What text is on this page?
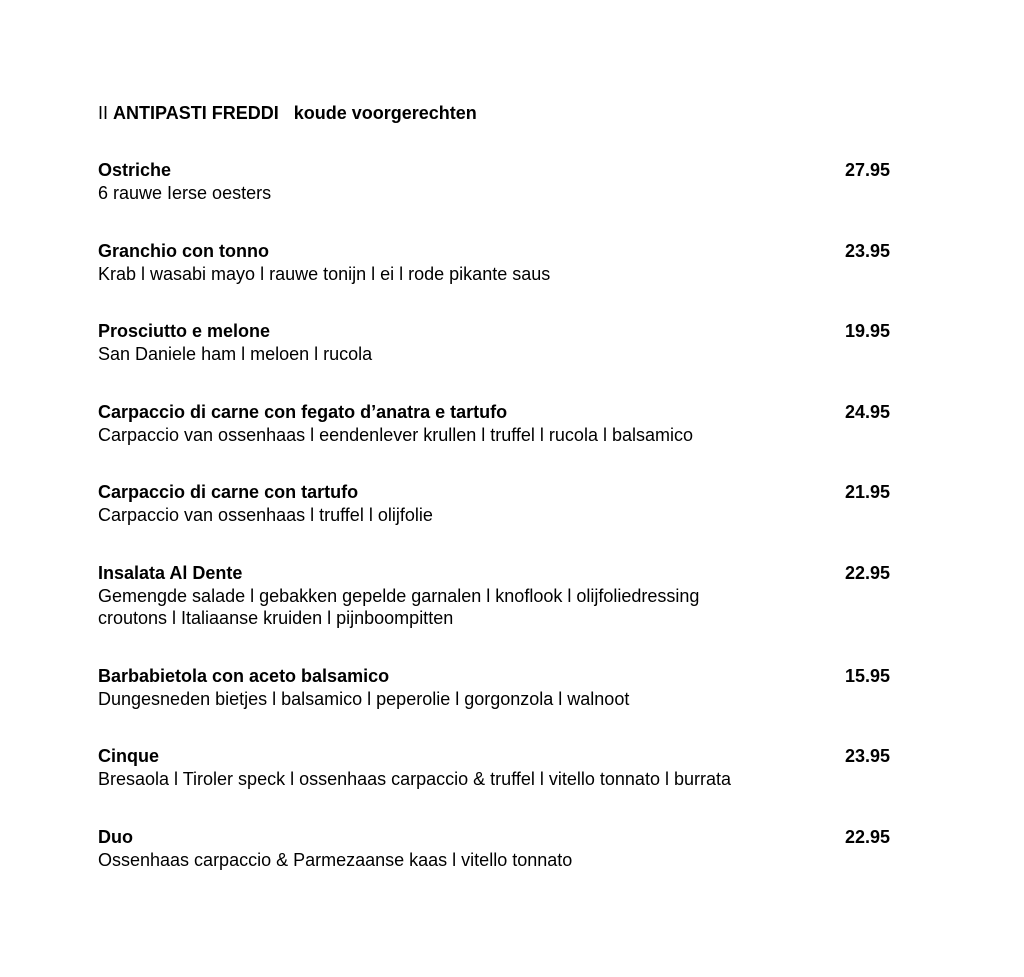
II ANTIPASTI FREDDI koude voorgerechten
Ostriche	27.95
6 rauwe Ierse oesters
Granchio con tonno	23.95
Krab l wasabi mayo l rauwe tonijn l ei l rode pikante saus
Prosciutto e melone	19.95
San Daniele ham l meloen l rucola
Carpaccio di carne con fegato d’anatra e tartufo	24.95
Carpaccio van ossenhaas l eendenlever krullen l truffel l rucola l balsamico
Carpaccio di carne con tartufo	21.95
Carpaccio van ossenhaas l truffel l olijfolie
Insalata Al Dente	22.95
Gemengde salade l gebakken gepelde garnalen l knoflook l olijfoliedressing
croutons l Italiaanse kruiden l pijnboompitten
Barbabietola con aceto balsamico	15.95
Dungesneden bietjes l balsamico l peperolie l gorgonzola l walnoot
Cinque	23.95
Bresaola l Tiroler speck l ossenhaas carpaccio & truffel l vitello tonnato l burrata
Duo	22.95
Ossenhaas carpaccio & Parmezaanse kaas l vitello tonnato
